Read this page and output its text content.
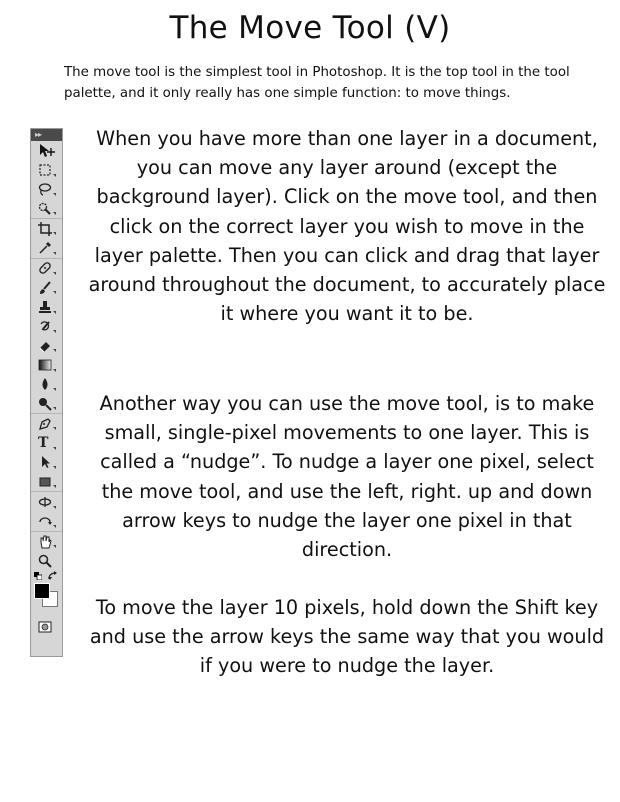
The Move Tool (V)
The move tool is the simplest tool in Photoshop. It is the top tool in the tool palette, and it only really has one simple function: to move things.
When you have more than one layer in a document, you can move any layer around (except the background layer). Click on the move tool, and then click on the correct layer you wish to move in the layer palette. Then you can click and drag that layer around throughout the document, to accurately place it where you want it to be.
Another way you can use the move tool, is to make small, single-pixel movements to one layer. This is called a “nudge”. To nudge a layer one pixel, select the move tool, and use the left, right. up and down arrow keys to nudge the layer one pixel in that direction.
To move the layer 10 pixels, hold down the Shift key and use the arrow keys the same way that you would if you were to nudge the layer.
▸▸
T
